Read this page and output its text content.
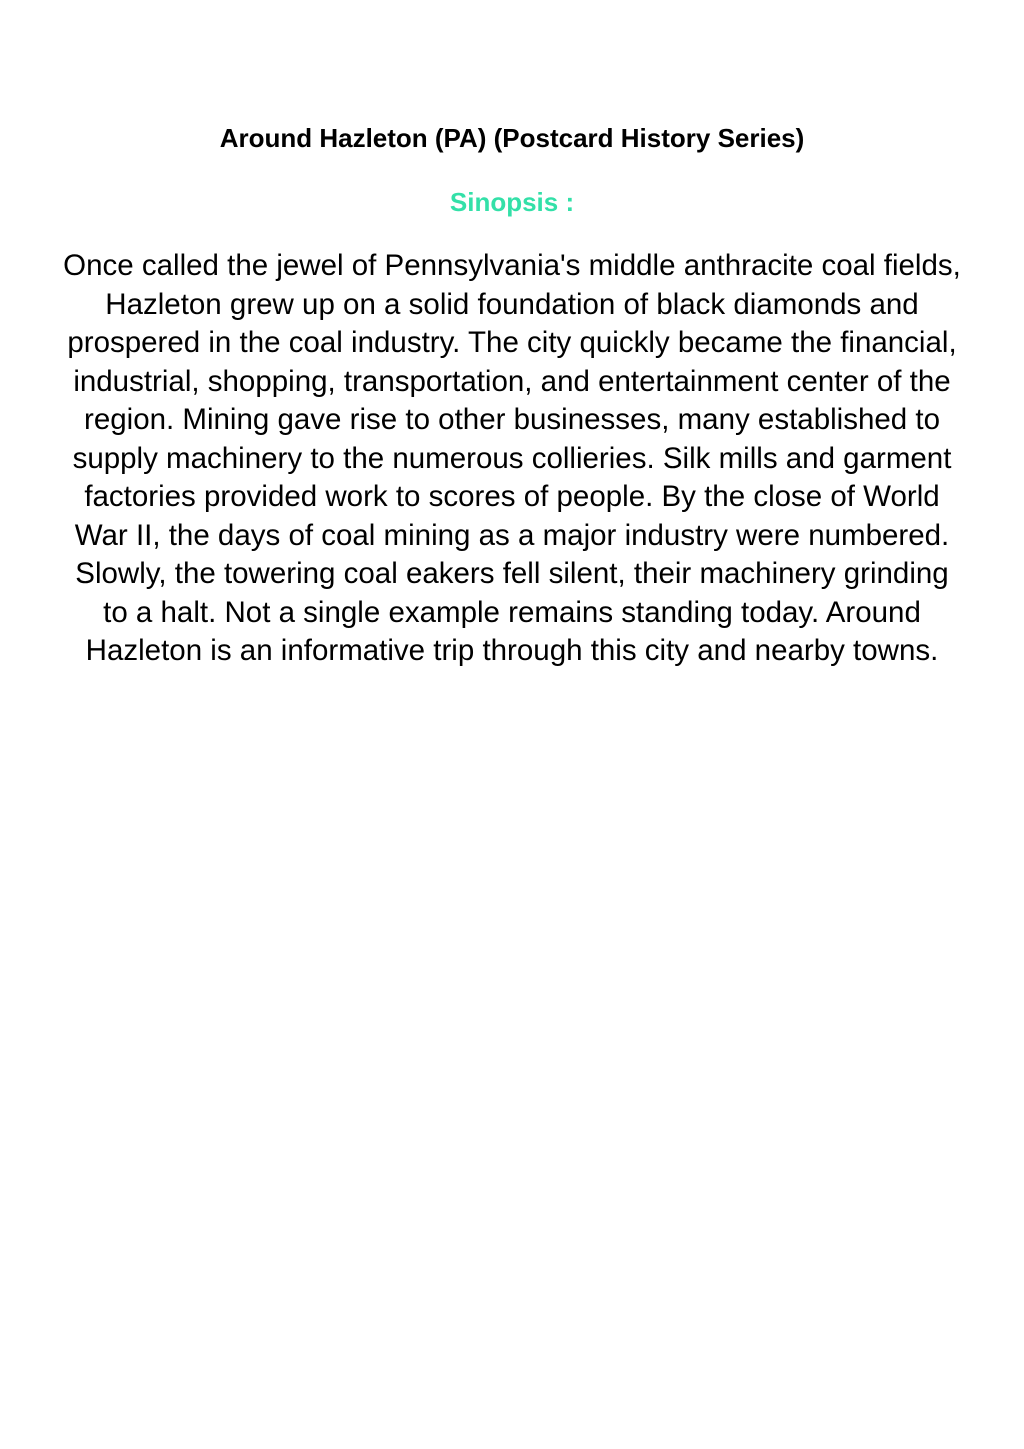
Around Hazleton (PA) (Postcard History Series)
Sinopsis :

Once called the jewel of Pennsylvania's middle anthracite coal fields, Hazleton grew up on a solid foundation of black diamonds and prospered in the coal industry. The city quickly became the financial, industrial, shopping, transportation, and entertainment center of the region. Mining gave rise to other businesses, many established to supply machinery to the numerous collieries. Silk mills and garment factories provided work to scores of people. By the close of World War II, the days of coal mining as a major industry were numbered. Slowly, the towering coal eakers fell silent, their machinery grinding to a halt. Not a single example remains standing today. Around Hazleton is an informative trip through this city and nearby towns.
